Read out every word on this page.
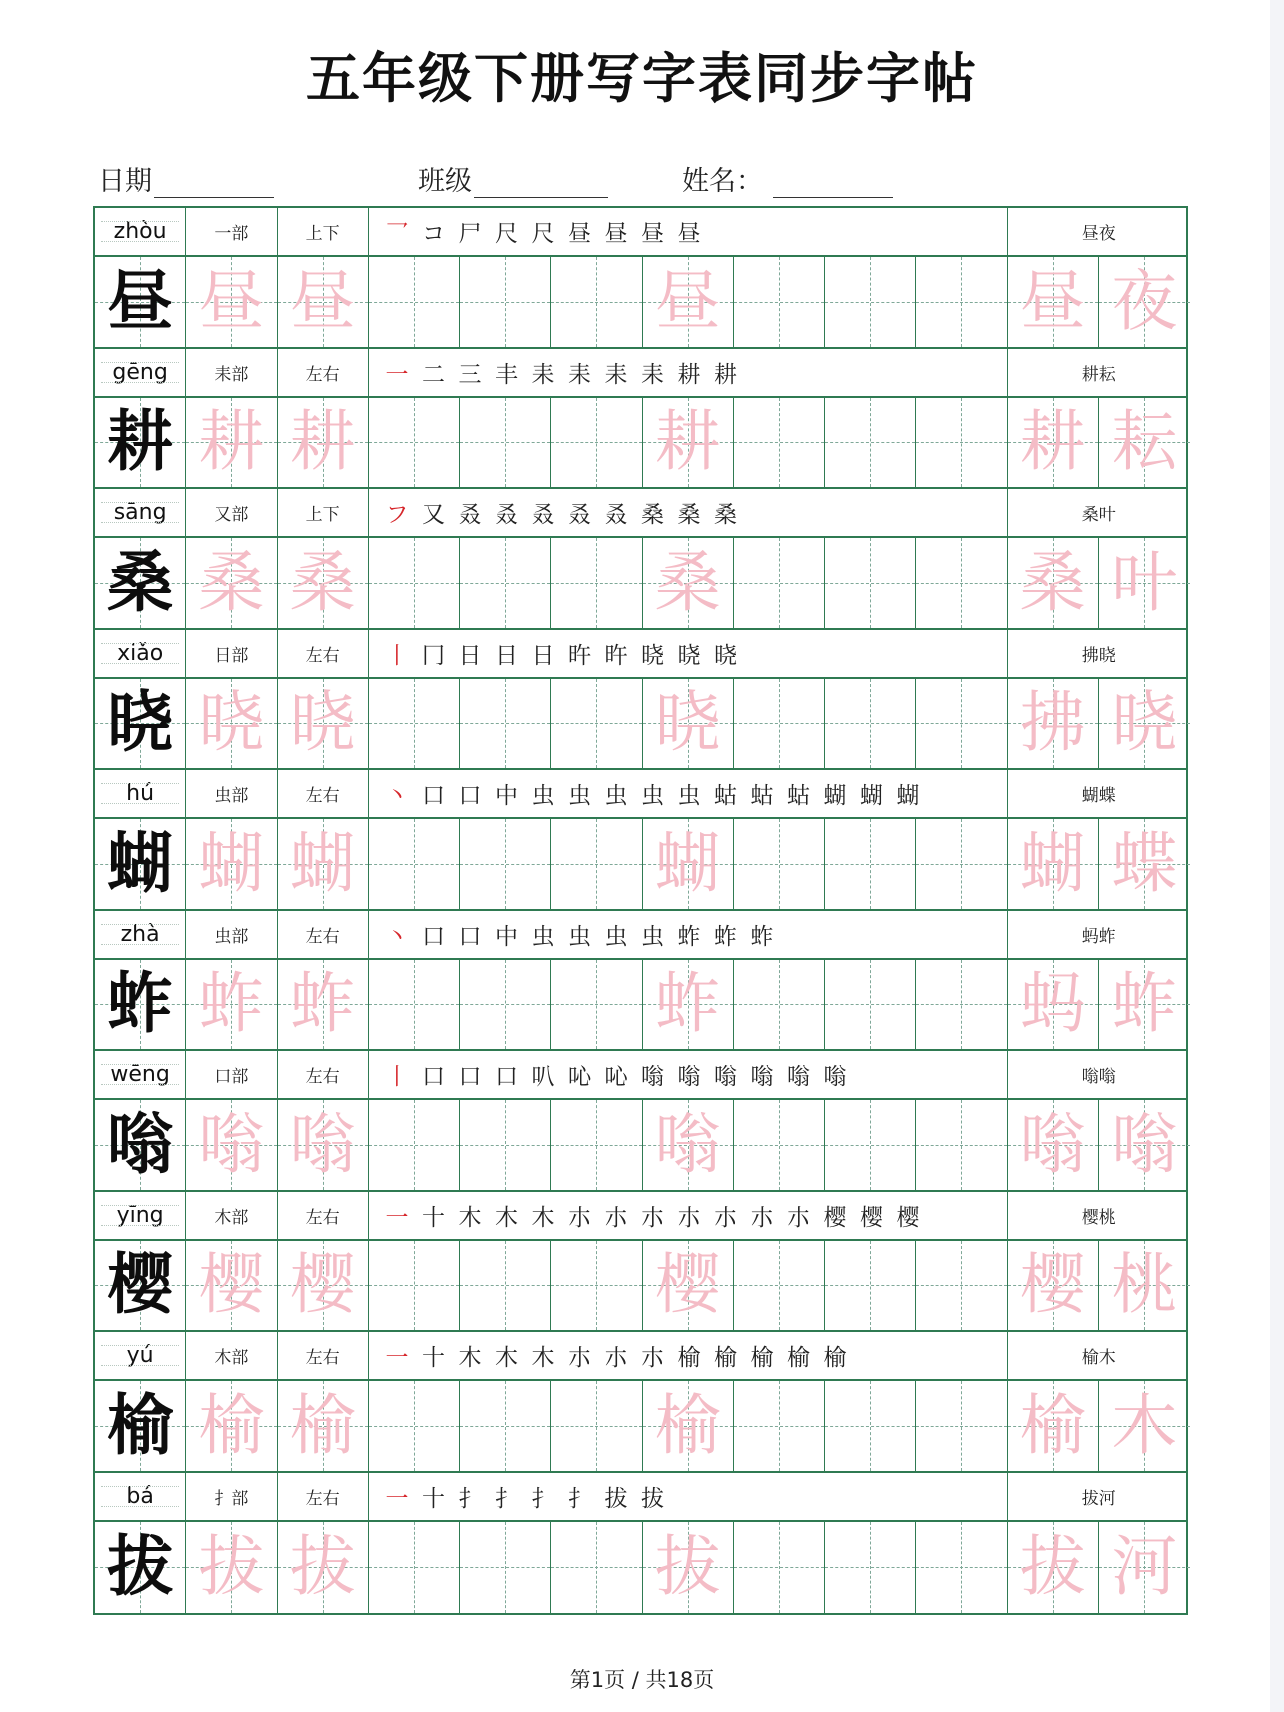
五年级下册写字表同步字帖
日期	班级	姓名：
zhòu	一部	上下	乛 コ 尸 尺 尺 昼 昼 昼 昼	昼夜
昼 昼 昼	昼	昼 夜
gēng	耒部	左右	一 二 三 丰 耒 耒 耒 耒 耕 耕	耕耘
耕 耕 耕	耕	耕 耘
sāng	又部	上下	フ 又 叒 叒 叒 叒 叒 桑 桑 桑	桑叶
桑 桑 桑	桑	桑 叶
xiǎo	日部	左右	丨 冂 日 日 日 旿 旿 晓 晓 晓	拂晓
晓 晓 晓	晓	拂 晓
hú	虫部	左右	丶 口 口 中 虫 虫 虫 虫 虫 蛄 蛄 蛄 蝴 蝴 蝴	蝴蝶
蝴 蝴 蝴	蝴	蝴 蝶
zhà	虫部	左右	丶 口 口 中 虫 虫 虫 虫 蚱 蚱 蚱	蚂蚱
蚱 蚱 蚱	蚱	蚂 蚱
wēng	口部	左右	丨 口 口 口 叭 吣 吣 嗡 嗡 嗡 嗡 嗡 嗡	嗡嗡
嗡 嗡 嗡	嗡	嗡 嗡
yīng	木部	左右	一 十 木 木 木 朩 朩 朩 朩 朩 朩 朩 樱 樱 樱	樱桃
樱 樱 樱	樱	樱 桃
yú	木部	左右	一 十 木 木 木 朩 朩 朩 榆 榆 榆 榆 榆	榆木
榆 榆 榆	榆	榆 木
bá	扌部	左右	一 十 扌 扌 扌 扌 拔 拔	拔河
拔 拔 拔	拔	拔 河
第1页 / 共18页
